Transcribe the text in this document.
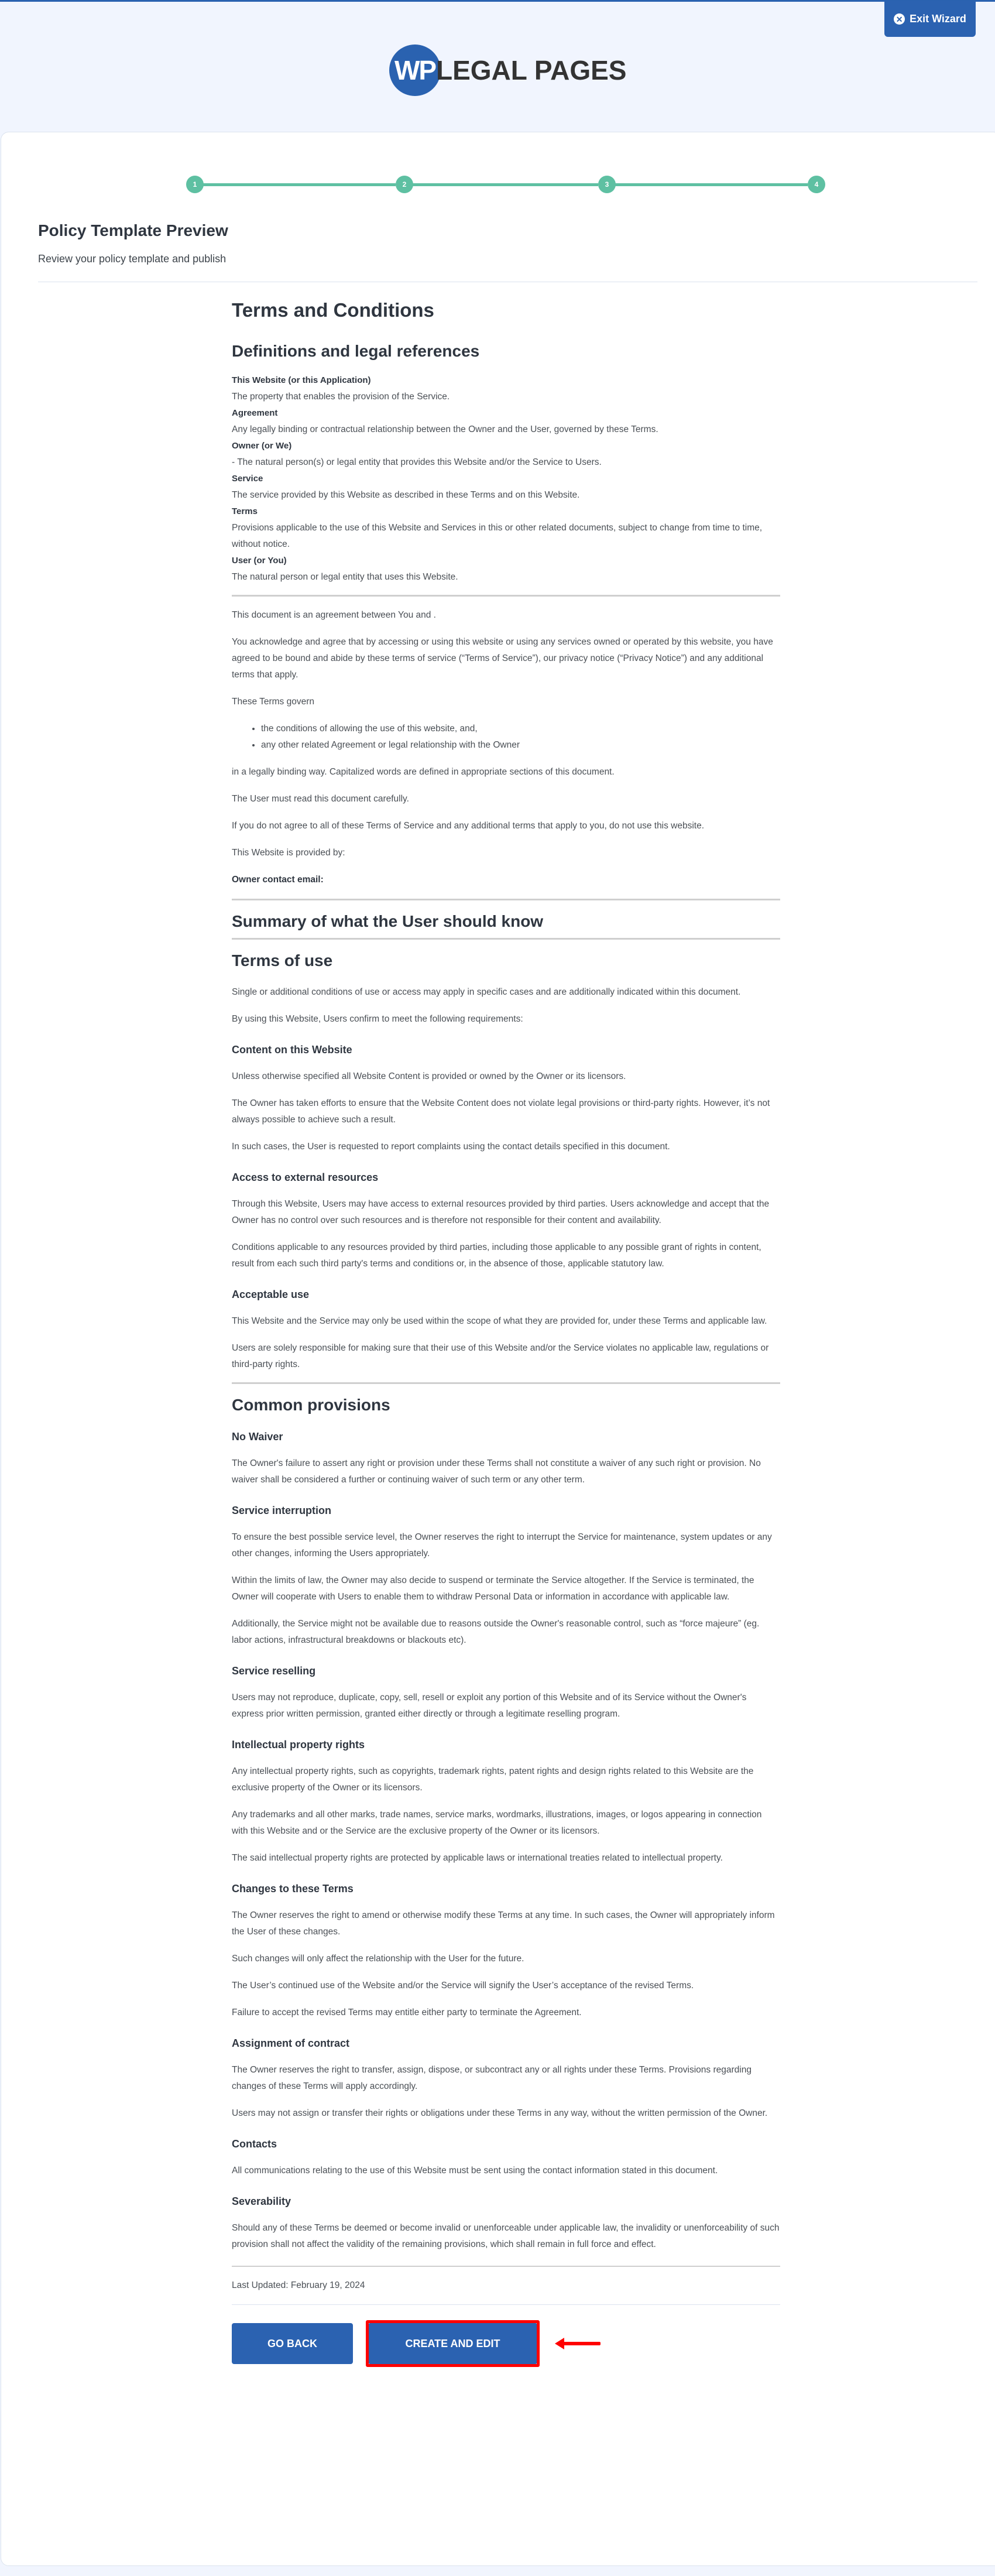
✕ Exit Wizard
WP LEGAL PAGES
1	2	3	4
Policy Template Preview
Review your policy template and publish
Terms and Conditions
Definitions and legal references
This Website (or this Application)
The property that enables the provision of the Service.
Agreement
Any legally binding or contractual relationship between the Owner and the User, governed by these Terms.
Owner (or We)
- The natural person(s) or legal entity that provides this Website and/or the Service to Users.
Service
The service provided by this Website as described in these Terms and on this Website.
Terms
Provisions applicable to the use of this Website and Services in this or other related documents, subject to change from time to time, without notice.
User (or You)
The natural person or legal entity that uses this Website.

This document is an agreement between You and .

You acknowledge and agree that by accessing or using this website or using any services owned or operated by this website, you have agreed to be bound and abide by these terms of service (“Terms of Service”), our privacy notice (“Privacy Notice”) and any additional terms that apply.

These Terms govern

• the conditions of allowing the use of this website, and,
• any other related Agreement or legal relationship with the Owner

in a legally binding way. Capitalized words are defined in appropriate sections of this document.

The User must read this document carefully.

If you do not agree to all of these Terms of Service and any additional terms that apply to you, do not use this website.

This Website is provided by:

Owner contact email:

Summary of what the User should know
Terms of use

Single or additional conditions of use or access may apply in specific cases and are additionally indicated within this document.

By using this Website, Users confirm to meet the following requirements:

Content on this Website

Unless otherwise specified all Website Content is provided or owned by the Owner or its licensors.

The Owner has taken efforts to ensure that the Website Content does not violate legal provisions or third-party rights. However, it’s not always possible to achieve such a result.

In such cases, the User is requested to report complaints using the contact details specified in this document.

Access to external resources

Through this Website, Users may have access to external resources provided by third parties. Users acknowledge and accept that the Owner has no control over such resources and is therefore not responsible for their content and availability.

Conditions applicable to any resources provided by third parties, including those applicable to any possible grant of rights in content, result from each such third party's terms and conditions or, in the absence of those, applicable statutory law.

Acceptable use

This Website and the Service may only be used within the scope of what they are provided for, under these Terms and applicable law.

Users are solely responsible for making sure that their use of this Website and/or the Service violates no applicable law, regulations or third-party rights.

Common provisions
No Waiver

The Owner's failure to assert any right or provision under these Terms shall not constitute a waiver of any such right or provision. No waiver shall be considered a further or continuing waiver of such term or any other term.

Service interruption

To ensure the best possible service level, the Owner reserves the right to interrupt the Service for maintenance, system updates or any other changes, informing the Users appropriately.

Within the limits of law, the Owner may also decide to suspend or terminate the Service altogether. If the Service is terminated, the Owner will cooperate with Users to enable them to withdraw Personal Data or information in accordance with applicable law.

Additionally, the Service might not be available due to reasons outside the Owner's reasonable control, such as “force majeure” (eg. labor actions, infrastructural breakdowns or blackouts etc).

Service reselling

Users may not reproduce, duplicate, copy, sell, resell or exploit any portion of this Website and of its Service without the Owner's express prior written permission, granted either directly or through a legitimate reselling program.

Intellectual property rights

Any intellectual property rights, such as copyrights, trademark rights, patent rights and design rights related to this Website are the exclusive property of the Owner or its licensors.

Any trademarks and all other marks, trade names, service marks, wordmarks, illustrations, images, or logos appearing in connection with this Website and or the Service are the exclusive property of the Owner or its licensors.

The said intellectual property rights are protected by applicable laws or international treaties related to intellectual property.

Changes to these Terms

The Owner reserves the right to amend or otherwise modify these Terms at any time. In such cases, the Owner will appropriately inform the User of these changes.

Such changes will only affect the relationship with the User for the future.

The User’s continued use of the Website and/or the Service will signify the User’s acceptance of the revised Terms.

Failure to accept the revised Terms may entitle either party to terminate the Agreement.

Assignment of contract

The Owner reserves the right to transfer, assign, dispose, or subcontract any or all rights under these Terms. Provisions regarding changes of these Terms will apply accordingly.

Users may not assign or transfer their rights or obligations under these Terms in any way, without the written permission of the Owner.

Contacts

All communications relating to the use of this Website must be sent using the contact information stated in this document.

Severability

Should any of these Terms be deemed or become invalid or unenforceable under applicable law, the invalidity or unenforceability of such provision shall not affect the validity of the remaining provisions, which shall remain in full force and effect.

Last Updated: February 19, 2024

GO BACK	CREATE AND EDIT
